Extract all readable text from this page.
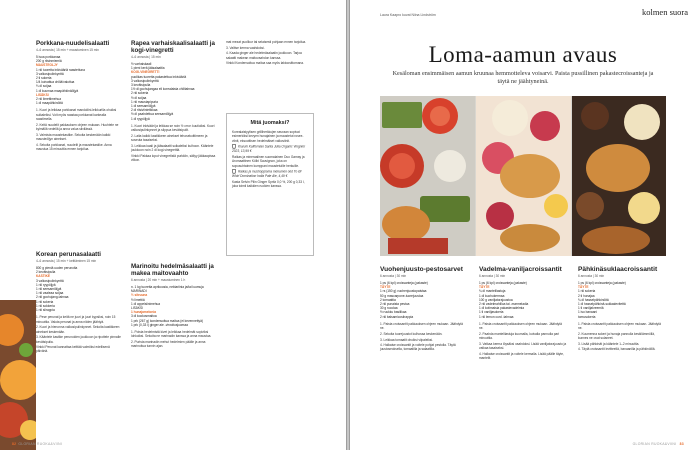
Porkkana-nuudelisalaatti
4–6 annosta | 15 min + maustuminen 15 min
5 isoa porkkanaa
200 g riisinmiemiä
MAUSTEÖLJY
1 rkl tuoretta inkivääriä raastettuna
3 valkosipulinkynttä
2 tl sokeria
1/4 kuivattua chiliä/valuttua
⅓ dl soijaa
1 dl kuumaa maapähkinäöljyä
LISÄKSI
2 rkl limettimehua
1 dl maapähkinöitä

1. Kuori ja leikkaa porkkanat mandoliini-leikkurilla ohuiksi suikaleiksi. Voit myös raastaa porkkanat karkealla raastimella.

2. Keitä nuudelit pakkauksen ohjeen mukaan. Huuhtele ne kylmällä vedellä ja anna valua siivilässä.

3. Valmista maustekastike. Sekoita keskenään kaikki mausteöljyn ainekset.

4. Sekoita porkkanat, nuudelit ja maustekastike. Anna maustua 15 minuuttia ennen tarjoilua.

Korean perunasalaatti
4–6 annosta | 15 min + keittäminen 15 min
800 g pieniä uuden perunoita
2 kevätsipulia
KASTIKE
3 valkosipulinkynttä
1 rkl ryypöljyä
1 rkl seesamiöljyä
1 rkl vaaleaa soijaa
2 rkl gochujang-tahnaa
1 rkl sokeria
1 rkl sokkeria
1 rkl siirappia

1. Pese perunat ja keitä ne juuri ja juuri kypsiksi, noin 15 minuuttia. Valuta perunat ja anna niiden jäähtyä.

2. Kuori ja hienonna valkosipulinkynnet. Sekoita kastikkeen ainekset keskenään.

3. Kääntele kastike perunoiden joukkoon ja ripottele pinnalle kevätsipulia.

Vinkki Perunat kannattaa keittää valmiiksi edellisenä päivänä.

Rapea varhaiskaalisalaatti ja kogi-vinegretti
4–6 annosta | 15 min
½ varhaiskaali
1 pieni kerä jääsalaattia
KOGI-VINEGRETTI
puolikas tuoretta pakastettua inkivääriä
3 valkosipulinkynttä
3 kevätsipulia
1½ dl gochujangaa eli korealaista chilitahnaa
2 rkl sokeria
½ dl soijaa
1 rkl maustapipuria
1 dl seesamiöljyä
2 dl riisiviinietikkaa
½ dl paahdettua seesamiöljyä
1 dl ryypöljyä

1. Kuori inkivääri ja leikkaa se noin ½ cm:n kuutioiksi. Kuori valkosipulinkynnet ja silppua kevätsipulit.

2. Laita kaikki kastikkeen ainekset tehosekoittimeen ja soseuta tasaiseksi.

3. Leikkaa kaali ja jääsalaatti suikaleiksi kulhoon. Kääntele joukkoon noin 2 dl kogi-vinegrettiä.

Vinkki Pakkaa loput vinegretistä purkkiin, säilyy jääkaapissa viikon.

Marinoitu hedelmäsalaatti ja makea maitovaahto
6 annosta | 20 min + maustuminen 1 h
n. 1 kg tuoretta aprikoosia, nektariinia ja/tai luumuja
MARINADI
½ sitruuna
½ limettiä
1 dl appelsiinimehua
LISÄKSI
1 hunajamelonia
3 dl kookosmaitoa
1 prk (267 g) kondensoitua maitoa (ei kevennettyä)
1 prk (0,33 l) ginger ale -virvoitusjuomaa

1. Poista hedelmistä kivet ja leikkaa hedelmät sopiviksi lohkoiksi. Sekoita ne marinadin kanssa ja anna maustua.

2. Purista marinadin mehut hedelmien päälle ja anna marinoitua tunnin ajan.

mat mezat puolikur tai selaisesti pohjaan ennen tarjoilua.

3. Valitse kerma vaahdoksi.

4. Kaada ginger ale hedelmäsalaatin joukkoon. Tarjoa salaatti makean maitovaahdon kanssa.

Vinkki Kondensoitua maitoa saa myös laktoosittomana.

Mitä juomaksi?

Korealaistyylisen grilliherkkujen seuraan sopivat esimerkiksi kevyen hunajainen ja maustetut rosee-viinit, eksoottisen hedelmäiset valkoviinit.

Kiuruin Kalifornian Santa Julia Organic Viognier 2023, 13,99 €

Raikas ja mineraalinen suomalainen Duo Gamay ja Aromaattinen Kölbi Sauvignon, joka on sopusuhtainen kumppani maustetuille herkuille.

Raikas ja mushoppioma mekumen olut To Øl Whirl Domination India Pale Ale, 4,49 €

Kasta Selvin Pilin Ginger Spritz 0,0 %, 200 g 0,33 l, joka toimii kaikkien ruokien kanssa.

82 GLORIAN RUOKA&VIINI
Laura Kaapro kuvat Niina Lindström	kolmen suora
Loma-aamun avaus
Kesäloman ensimmäisen aamun kruunaa hemmotteleva voisarvi. Paista pussillinen pakastecroissanteja ja täytä ne jäähtyneinä.
Vuohenjuusto-pestosarvet
6 annosta | 30 min
1 ps (6 kpl) croissanteja (pakaste)
TÄYTE
1 rs (150 g) vuohenjuustopaistaa
50 g mascarpone-tuorejuustoa
2 tomaattia
2 rkl punaista pestoa
30 g rucolaa
½ ruukku basilikaa
2 rkl balsamicosiirappia

1. Paista croissantit pakkauksen ohjeen mukaan. Jäähdytä ne.

2. Sekoita tuorejuustot kulhossa keskenään.

3. Leikkaa tomaatit ohuiksi viipaleiksi.

4. Halkaise croissantit ja voitele pohjat pestolla. Täytä juustoseoksella, tomaatilla ja salaatilla.

Vadelma-vaniljacroissantit
6 annosta | 30 min
1 ps (6 kpl) croissanteja (pakaste)
TÄYTE
¾ dl mantelilastuja
1 dl kuohukermaa
100 g vaniljatorajuustoa
2 rkl vadelmahilloa tai -marmeladia
1 dl kotimaisia pakastevadelmia
1 tl vaniljasokeria
1 rkl lemon curd -tahnaa

1. Paista croissantit pakkauksen ohjeen mukaan. Jäähdytä ne.

2. Paahda mantelilastuja kuumalla, kuivalla pannulla pari minuuttia.

3. Vatkaa kerma löysäksi vaahdoksi. Lisää vaniljatorajuusto ja vatkaa tasaiseksi.

4. Halkaise croissantit ja voitele kermalla. Lisää päälle täyte, mantelit.

Pähkinäsuklaacroissantit
6 annosta | 30 min
1 ps (6 kpl) croissanteja (pakaste)
TÄYTE
1 rkl sokeria
2 tl hunajaa
¾ dl hasselpähkinöitä
1 dl hasselpähkinä-suklaalevitettä
1 tl vaniljakreemiä
1 iso banaani
tomusokeria

1. Paista croissantit pakkauksen ohjeen mukaan. Jäähdytä ne.

2. Kuumenna sokeri ja hunaja pannulla keskilämmöllä, kunnes ne ovat sulaneet.

3. Lisää pähkinät ja kääntele 1–2 minuuttia.

4. Täytä croissantit levitteellä, banaanilla ja pähkinöillä.

GLORIAN RUOKA&VIINI 83
